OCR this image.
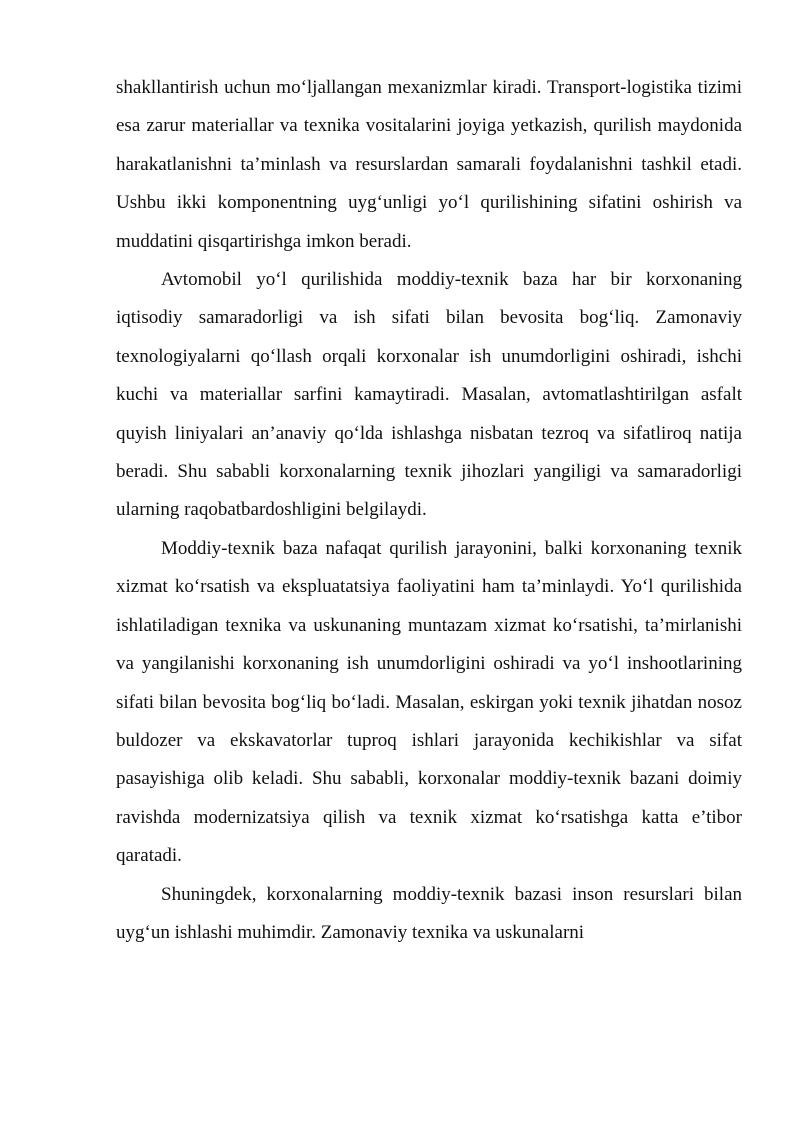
shakllantirish uchun mo‘ljallangan mexanizmlar kiradi. Transport-logistika tizimi esa zarur materiallar va texnika vositalarini joyiga yetkazish, qurilish maydonida harakatlanishni ta’minlash va resurslardan samarali foydalanishni tashkil etadi. Ushbu ikki komponentning uyg‘unligi yo‘l qurilishining sifatini oshirish va muddatini qisqartirishga imkon beradi.

Avtomobil yo‘l qurilishida moddiy-texnik baza har bir korxonaning iqtisodiy samaradorligi va ish sifati bilan bevosita bog‘liq. Zamonaviy texnologiyalarni qo‘llash orqali korxonalar ish unumdorligini oshiradi, ishchi kuchi va materiallar sarfini kamaytiradi. Masalan, avtomatlashtirilgan asfalt quyish liniyalari an’anaviy qo‘lda ishlashga nisbatan tezroq va sifatliroq natija beradi. Shu sababli korxonalarning texnik jihozlari yangiligi va samaradorligi ularning raqobatbardoshligini belgilaydi.

Moddiy-texnik baza nafaqat qurilish jarayonini, balki korxonaning texnik xizmat ko‘rsatish va ekspluatatsiya faoliyatini ham ta’minlaydi. Yo‘l qurilishida ishlatiladigan texnika va uskunaning muntazam xizmat ko‘rsatishi, ta’mirlanishi va yangilanishi korxonaning ish unumdorligini oshiradi va yo‘l inshootlarining sifati bilan bevosita bog‘liq bo‘ladi. Masalan, eskirgan yoki texnik jihatdan nosoz buldozer va ekskavatorlar tuproq ishlari jarayonida kechikishlar va sifat pasayishiga olib keladi. Shu sababli, korxonalar moddiy-texnik bazani doimiy ravishda modernizatsiya qilish va texnik xizmat ko‘rsatishga katta e’tibor qaratadi.

Shuningdek, korxonalarning moddiy-texnik bazasi inson resurslari bilan uyg‘un ishlashi muhimdir. Zamonaviy texnika va uskunalarni
